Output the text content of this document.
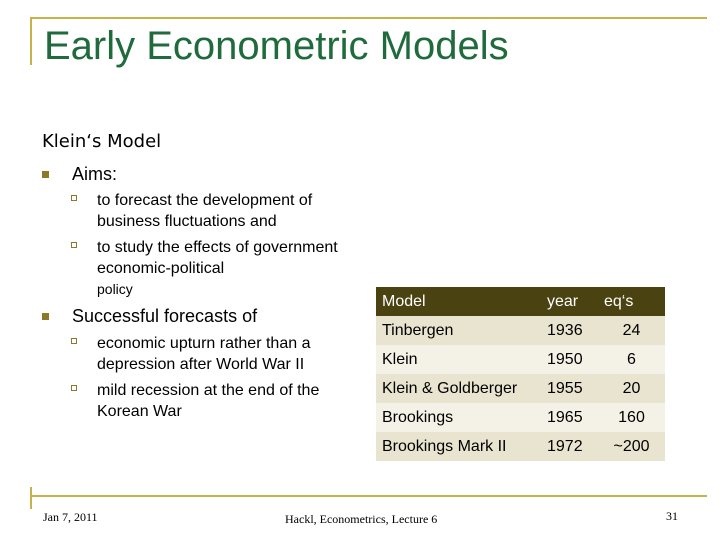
Early Econometric Models
Klein‘s Model
Aims:
to forecast the development of business fluctuations and
to study the effects of government economic-political
policy
Successful forecasts of
economic upturn rather than a depression after World War II
mild recession at the end of the Korean War
Model	year	eq‘s
Tinbergen	1936	24
Klein	1950	6
Klein & Goldberger	1955	20
Brookings	1965	160
Brookings Mark II	1972	~200
Jan 7, 2011	Hackl, Econometrics, Lecture 6	31
